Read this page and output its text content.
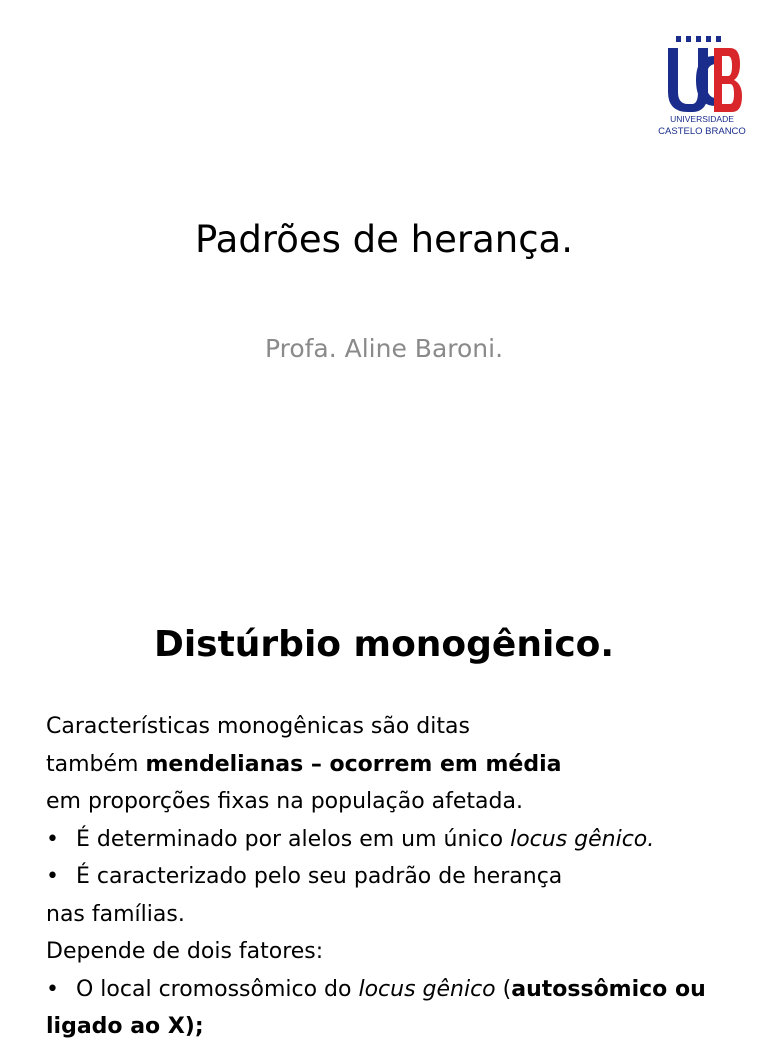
UNIVERSIDADE
CASTELO BRANCO
Padrões de herança.
Profa. Aline Baroni.
Distúrbio monogênico.
Características monogênicas são ditas
também mendelianas – ocorrem em média
em proporções fixas na população afetada.
• É determinado por alelos em um único locus gênico.
• É caracterizado pelo seu padrão de herança
nas famílias.
Depende de dois fatores:
• O local cromossômico do locus gênico (autossômico ou
ligado ao X);
